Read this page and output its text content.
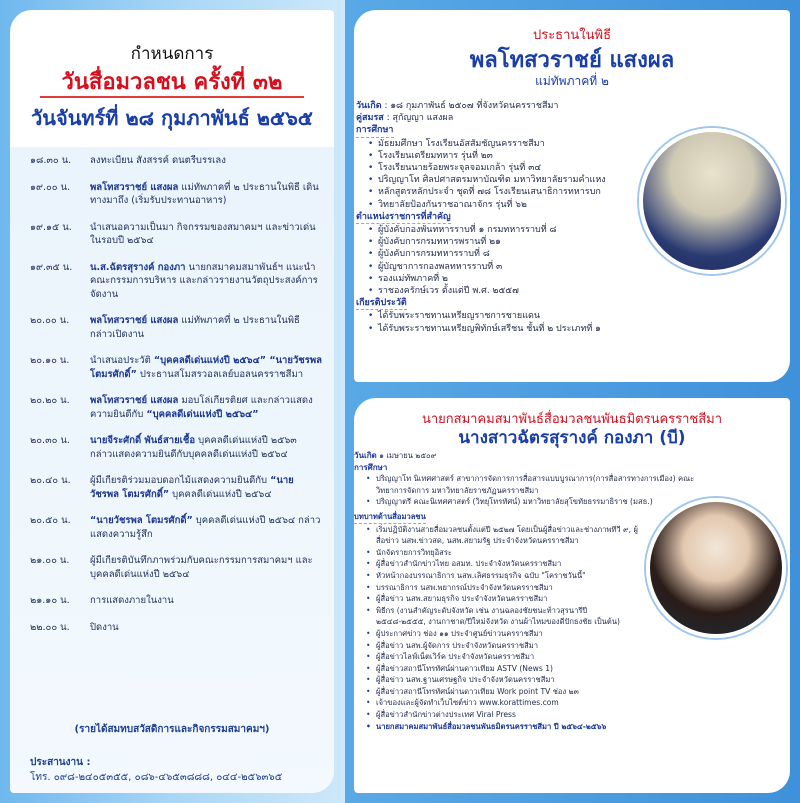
กำหนดการ
วันสื่อมวลชน ครั้งที่ ๓๒
วันจันทร์ที่ ๒๘ กุมภาพันธ์ ๒๕๖๕
๑๘.๓๐ น.	ลงทะเบียน สังสรรค์ ดนตรีบรรเลง
๑๙.๐๐ น.	พลโทสวราชย์ แสงผล แม่ทัพภาคที่ ๒ ประธานในพิธี เดินทางมาถึง (เริ่มรับประทานอาหาร)
๑๙.๑๕ น.	นำเสนอความเป็นมา กิจกรรมของสมาคมฯ และข่าวเด่นในรอบปี ๒๕๖๔
๑๙.๓๕ น.	น.ส.ฉัตรสุรางค์ กองภา นายกสมาคมสมาพันธ์ฯ แนะนำคณะกรรมการบริหาร และกล่าวรายงานวัตถุประสงค์การจัดงาน
๒๐.๐๐ น.	พลโทสวราชย์ แสงผล แม่ทัพภาคที่ ๒ ประธานในพิธี กล่าวเปิดงาน
๒๐.๑๐ น.	นำเสนอประวัติ “บุคคลดีเด่นแห่งปี ๒๕๖๔” “นายวัชรพล โตมรศักดิ์” ประธานสโมสรวอลเลย์บอลนครราชสีมา
๒๐.๒๐ น.	พลโทสวราชย์ แสงผล มอบโล่เกียรติยศ และกล่าวแสดงความยินดีกับ “บุคคลดีเด่นแห่งปี ๒๕๖๔”
๒๐.๓๐ น.	นายจีระศักดิ์ พันธ์สายเชื้อ บุคคลดีเด่นแห่งปี ๒๕๖๓ กล่าวแสดงความยินดีกับบุคคลดีเด่นแห่งปี ๒๕๖๔
๒๐.๔๐ น.	ผู้มีเกียรติร่วมมอบดอกไม้แสดงความยินดีกับ “นายวัชรพล โตมรศักดิ์” บุคคลดีเด่นแห่งปี ๒๕๖๔
๒๐.๕๐ น.	“นายวัชรพล โตมรศักดิ์” บุคคลดีเด่นแห่งปี ๒๕๖๔ กล่าวแสดงความรู้สึก
๒๑.๐๐ น.	ผู้มีเกียรติบันทึกภาพร่วมกับคณะกรรมการสมาคมฯ และบุคคลดีเด่นแห่งปี ๒๕๖๔
๒๑.๑๐ น.	การแสดงภายในงาน
๒๒.๐๐ น.	ปิดงาน
(รายได้สมทบสวัสดิการและกิจกรรมสมาคมฯ)
ประสานงาน :
โทร. ๐๙๘-๒๔๐๕๓๕๕, ๐๘๖-๔๖๕๓๘๘๘, ๐๔๔-๒๕๖๓๖๕
ประธานในพิธี
พลโทสวราชย์ แสงผล
แม่ทัพภาคที่ ๒
วันเกิด : ๑๘ กุมภาพันธ์ ๒๕๐๗ ที่จังหวัดนครราชสีมา
คู่สมรส : สุกัญญา แสงผล
การศึกษา
• มัธยมศึกษา โรงเรียนอัสสัมชัญนครราชสีมา
• โรงเรียนเตรียมทหาร รุ่นที่ ๒๓
• โรงเรียนนายร้อยพระจุลจอมเกล้า รุ่นที่ ๓๔
• ปริญญาโท ศิลปศาสตรมหาบัณฑิต มหาวิทยาลัยรามคำแหง
• หลักสูตรหลักประจำ ชุดที่ ๗๘ โรงเรียนเสนาธิการทหารบก
• วิทยาลัยป้องกันราชอาณาจักร รุ่นที่ ๖๒
ตำแหน่งราชการที่สำคัญ
• ผู้บังคับกองพันทหารราบที่ ๑ กรมทหารราบที่ ๘
• ผู้บังคับการกรมทหารพรานที่ ๒๑
• ผู้บังคับการกรมทหารราบที่ ๘
• ผู้บัญชาการกองพลทหารราบที่ ๓
• รองแม่ทัพภาคที่ ๒
• ราชองครักษ์เวร ตั้งแต่ปี พ.ศ. ๒๕๕๗
เกียรติประวัติ
• ได้รับพระราชทานเหรียญราชการชายแดน
• ได้รับพระราชทานเหรียญพิทักษ์เสรีชน ชั้นที่ ๒ ประเภทที่ ๑
นายกสมาคมสมาพันธ์สื่อมวลชนพันธมิตรนครราชสีมา
นางสาวฉัตรสุรางค์ กองภา (บี)
วันเกิด ๑ เมษายน ๒๕๐๙
การศึกษา
• ปริญญาโท นิเทศศาสตร์ สาขาการจัดการการสื่อสารแบบบูรณาการ(การสื่อสารทางการเมือง) คณะวิทยาการจัดการ มหาวิทยาลัยราชภัฏนครราชสีมา
• ปริญญาตรี คณะนิเทศศาสตร์ (วิทยุโทรทัศน์) มหาวิทยาลัยสุโขทัยธรรมาธิราช (มสธ.)
บทบาทด้านสื่อมวลชน
• เริ่มปฏิบัติงานสายสื่อมวลชนตั้งแต่ปี ๒๕๒๗ โดยเป็นผู้สื่อข่าวและช่างภาพทีวี ๙, ผู้สื่อข่าว นสพ.ข่าวสด, นสพ.สยามรัฐ ประจำจังหวัดนครราชสีมา
• นักจัดรายการวิทยุอิสระ
• ผู้สื่อข่าวสำนักข่าวไทย อสมท. ประจำจังหวัดนครราชสีมา
• หัวหน้ากองบรรณาธิการ นสพ.เลิศธรรมธุรกิจ ฉบับ "โคราชวันนี้"
• บรรณาธิการ นสพ.พยากรณ์ประจำจังหวัดนครราชสีมา
• ผู้สื่อข่าว นสพ.สยามธุรกิจ ประจำจังหวัดนครราชสีมา
• พิธีกร (งานสำคัญระดับจังหวัด เช่น งานฉลองชัยชนะท้าวสุรนารีปี ๒๕๔๘-๒๕๕๕, งานกาชาด/ปีใหม่จังหวัด งานผ้าไหมของดีปักธงชัย เป็นต้น)
• ผู้ประกาศข่าว ช่อง ๑๑ ประจำศูนย์ข่าวนครราชสีมา
• ผู้สื่อข่าว นสพ.ผู้จัดการ ประจำจังหวัดนครราชสีมา
• ผู้สื่อข่าวไลฟ์เน็ตเวิร์ค ประจำจังหวัดนครราชสีมา
• ผู้สื่อข่าวสถานีโทรทัศน์ผ่านดาวเทียม ASTV (News 1)
• ผู้สื่อข่าว นสพ.ฐานเศรษฐกิจ ประจำจังหวัดนครราชสีมา
• ผู้สื่อข่าวสถานีโทรทัศน์ผ่านดาวเทียม Work point TV ช่อง ๒๓
• เจ้าของและผู้จัดทำเว็บไซต์ข่าว www.korattimes.com
• ผู้สื่อข่าวสำนักข่าวต่างประเทศ Viral Press
• นายกสมาคมสมาพันธ์สื่อมวลชนพันธมิตรนครราชสีมา ปี ๒๕๖๔-๒๕๖๖
